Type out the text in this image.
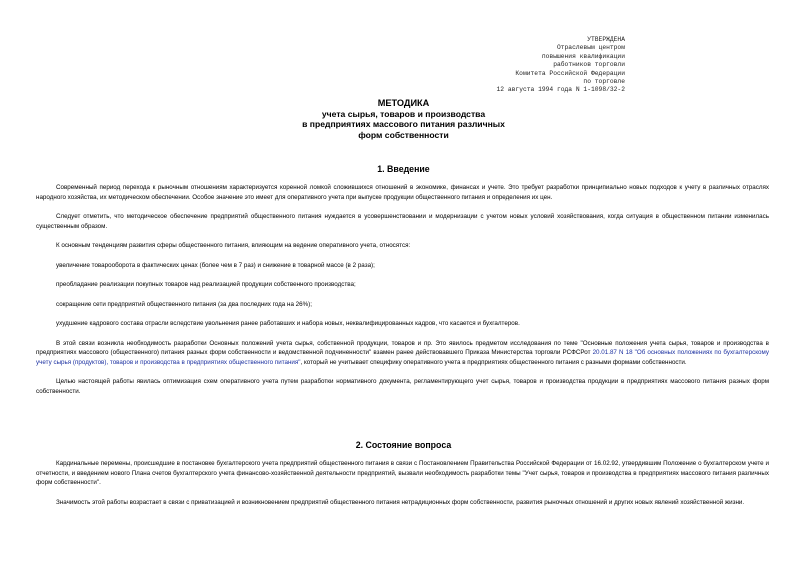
УТВЕРЖДЕНА
Отраслевым центром
повышения квалификации
работников торговли
Комитета Российской Федерации
по торговле
12 августа 1994 года N 1-1098/32-2
МЕТОДИКА
учета сырья, товаров и производства
в предприятиях массового питания различных
форм собственности
1. Введение

Современный период перехода к рыночным отношениям характеризуется коренной ломкой сложившихся отношений в экономике, финансах и учете. Это требует разработки принципиально новых подходов к учету в различных отраслях народного хозяйства, их методическом обеспечении. Особое значение это имеет для оперативного учета при выпуске продукции общественного питания и определения их цен.

Следует отметить, что методическое обеспечение предприятий общественного питания нуждается в усовершенствовании и модернизации с учетом новых условий хозяйствования, когда ситуация в общественном питании изменилась существенным образом.

К основным тенденциям развития сферы общественного питания, влияющим на ведение оперативного учета, относятся:

увеличение товарооборота в фактических ценах (более чем в 7 раз) и снижение в товарной массе (в 2 раза);

преобладание реализации покупных товаров над реализацией продукции собственного производства;

сокращение сети предприятий общественного питания (за два последних года на 26%);

ухудшение кадрового состава отрасли вследствие увольнения ранее работавших и набора новых, неквалифицированных кадров, что касается и бухгалтеров.

В этой связи возникла необходимость разработки Основных положений учета сырья, собственной продукции, товаров и пр. Это явилось предметом исследования по теме "Основные положения учета сырья, товаров и производства в предприятиях массового (общественного) питания разных форм собственности и ведомственной подчиненности" взамен ранее действовавшего Приказа Министерства торговли РСФСРот 20.01.87 N 18 "Об основных положениях по бухгалтерскому учету сырья (продуктов), товаров и производства в предприятиях общественного питания", который не учитывает специфику оперативного учета в предприятиях общественного питания с разными формами собственности.

Целью настоящей работы явилась оптимизация схем оперативного учета путем разработки нормативного документа, регламентирующего учет сырья, товаров и производства продукции в предприятиях массового питания разных форм собственности.

2. Состояние вопроса

Кардинальные перемены, происшедшие в постановке бухгалтерского учета предприятий общественного питания в связи с Постановлением Правительства Российской Федерации от 16.02.92, утвердившим Положение о бухгалтерском учете и отчетности, и введением нового Плана счетов бухгалтерского учета финансово-хозяйственной деятельности предприятий, вызвали необходимость разработки темы "Учет сырья, товаров и производства в предприятиях массового питания различных форм собственности".

Значимость этой работы возрастает в связи с приватизацией и возникновением предприятий общественного питания нетрадиционных форм собственности, развития рыночных отношений и других новых явлений хозяйственной жизни.
